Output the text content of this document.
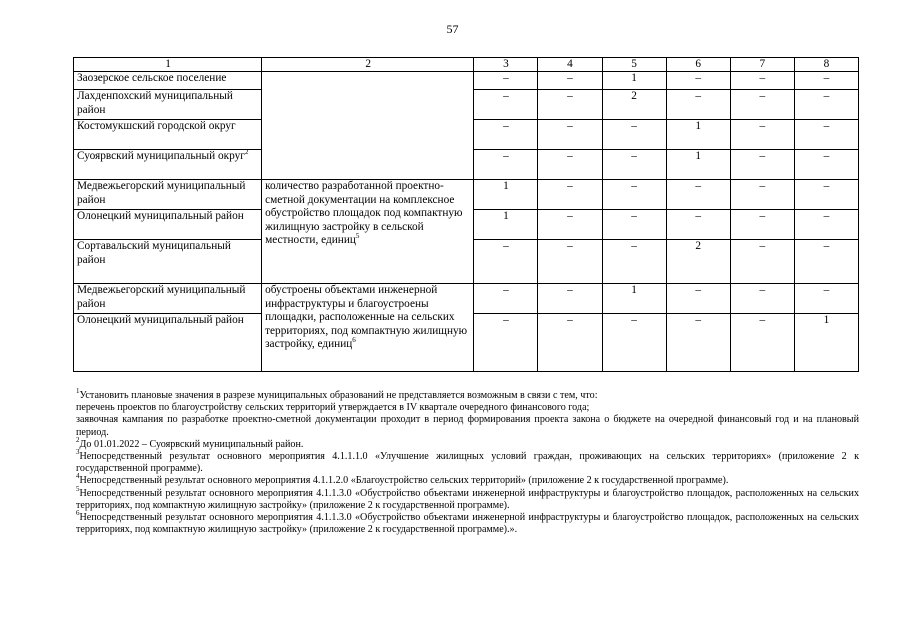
57
1	2	3	4	5	6	7	8
Заозерское сельское поселение		–	–	1	–	–	–
Лахденпохский муниципальный район		–	–	2	–	–	–
Костомукшский городской округ		–	–	–	1	–	–
Суоярвский муниципальный округ$^2$		–	–	–	1	–	–
Медвежьегорский муниципальный район	количество разработанной проектно-сметной документации на комплексное обустройство площадок под компактную жилищную застройку в сельской местности, единиц$^5$	1	–	–	–	–	–
Олонецкий муниципальный район		1	–	–	–	–	–
Сортавальский муниципальный район		–	–	–	2	–	–
Медвежьегорский муниципальный район	обустроены объектами инженерной инфраструктуры и благоустроены площадки, расположенные на сельских территориях, под компактную жилищную застройку, единиц$^6$	–	–	1	–	–	–
Олонецкий муниципальный район		–	–	–	–	–	1

$^1$Установить плановые значения в разрезе муниципальных образований не представляется возможным в связи с тем, что:

перечень проектов по благоустройству сельских территорий утверждается в IV квартале очередного финансового года;

заявочная кампания по разработке проектно-сметной документации проходит в период формирования проекта закона о бюджете на очередной финансовый год и на плановый период.

$^2$До 01.01.2022 – Суоярвский муниципальный район.

$^3$Непосредственный результат основного мероприятия 4.1.1.1.0 «Улучшение жилищных условий граждан, проживающих на сельских территориях» (приложение 2 к государственной программе).

$^4$Непосредственный результат основного мероприятия 4.1.1.2.0 «Благоустройство сельских территорий» (приложение 2 к государственной программе).

$^5$Непосредственный результат основного мероприятия 4.1.1.3.0 «Обустройство объектами инженерной инфраструктуры и благоустройство площадок, расположенных на сельских территориях, под компактную жилищную застройку» (приложение 2 к государственной программе).

$^6$Непосредственный результат основного мероприятия 4.1.1.3.0 «Обустройство объектами инженерной инфраструктуры и благоустройство площадок, расположенных на сельских территориях, под компактную жилищную застройку» (приложение 2 к государственной программе).».
